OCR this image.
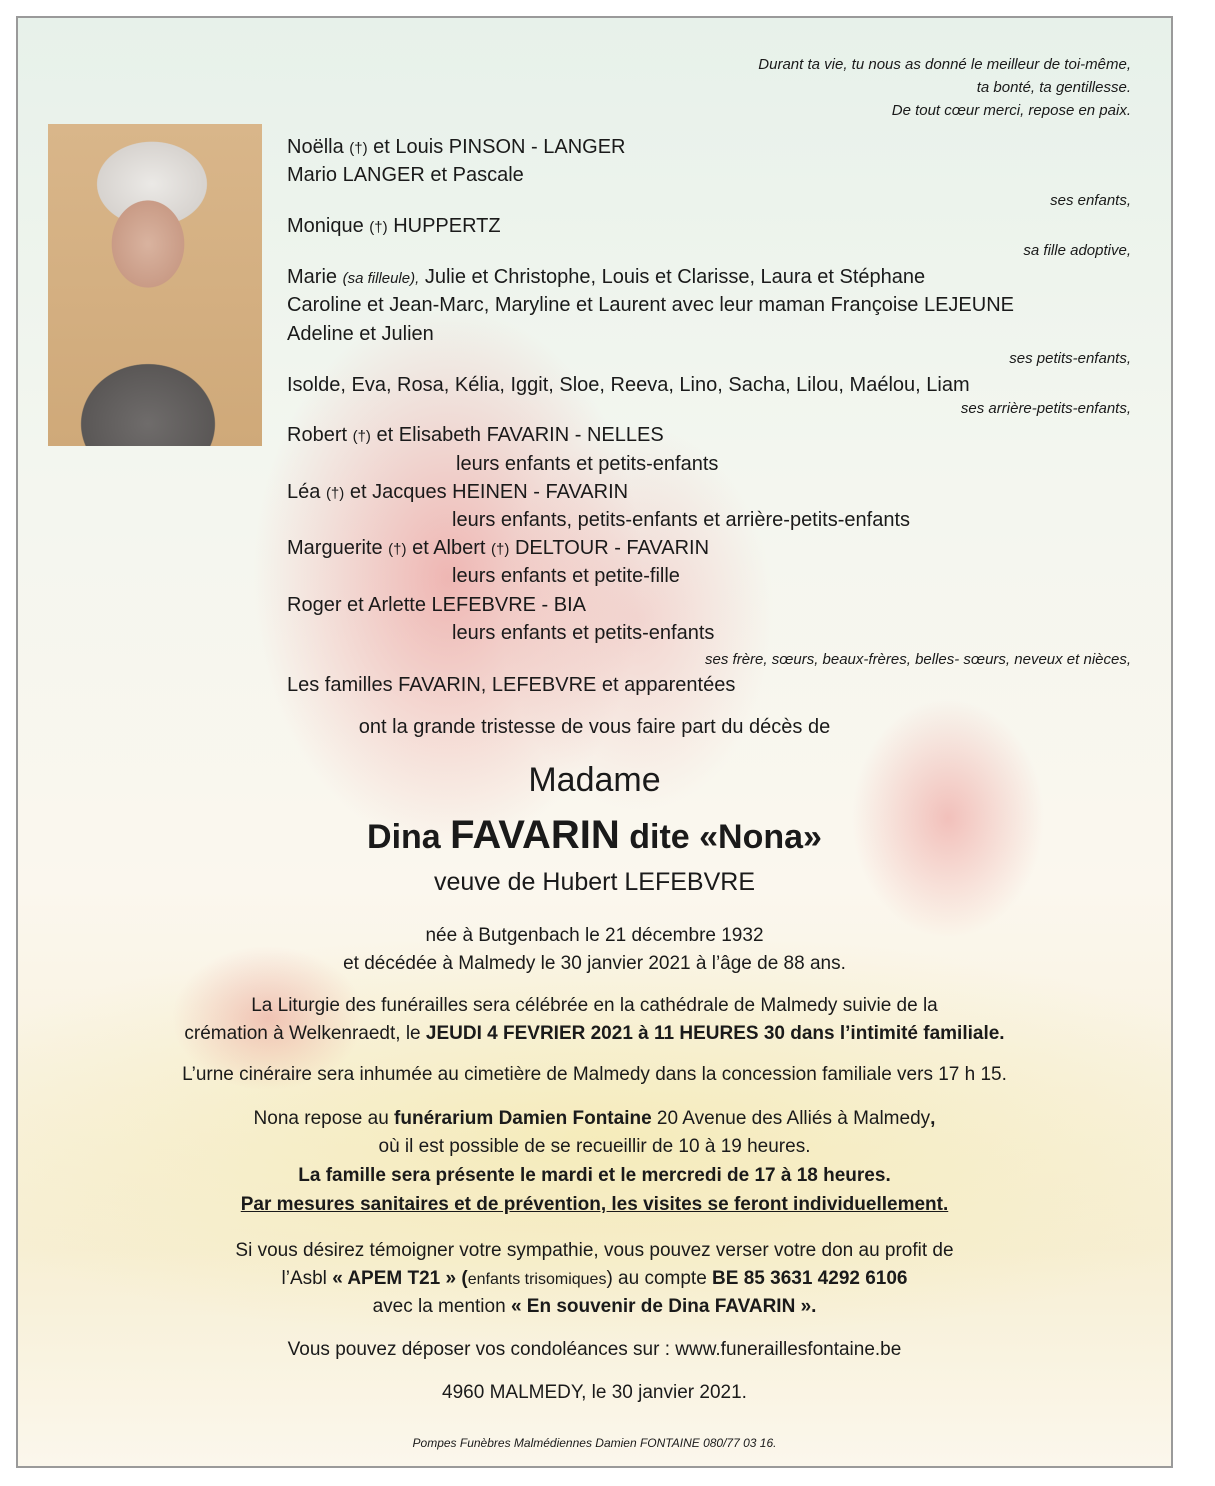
Durant ta vie, tu nous as donné le meilleur de toi-même,
ta bonté, ta gentillesse.
De tout cœur merci, repose en paix.
Noëlla (†) et Louis PINSON - LANGER
Mario LANGER et Pascale
ses enfants,
Monique (†) HUPPERTZ
sa fille adoptive,
Marie (sa filleule), Julie et Christophe, Louis et Clarisse, Laura et Stéphane
Caroline et Jean-Marc, Maryline et Laurent avec leur maman Françoise LEJEUNE
Adeline et Julien
ses petits-enfants,
Isolde, Eva, Rosa, Kélia, Iggit, Sloe, Reeva, Lino, Sacha, Lilou, Maélou, Liam
ses arrière-petits-enfants,
Robert (†) et Elisabeth FAVARIN - NELLES
leurs enfants et petits-enfants
Léa (†) et Jacques HEINEN - FAVARIN
leurs enfants, petits-enfants et arrière-petits-enfants
Marguerite (†) et Albert (†) DELTOUR - FAVARIN
leurs enfants et petite-fille
Roger et Arlette LEFEBVRE - BIA
leurs enfants et petits-enfants
ses frère, sœurs, beaux-frères, belles- sœurs, neveux et nièces,
Les familles FAVARIN, LEFEBVRE et apparentées
ont la grande tristesse de vous faire part du décès de
Madame
Dina FAVARIN dite «Nona»
veuve de Hubert LEFEBVRE
née à Butgenbach le 21 décembre 1932
et décédée à Malmedy le 30 janvier 2021 à l’âge de 88 ans.
La Liturgie des funérailles sera célébrée en la cathédrale de Malmedy suivie de la
crémation à Welkenraedt, le JEUDI 4 FEVRIER 2021 à 11 HEURES 30 dans l’intimité familiale.
L’urne cinéraire sera inhumée au cimetière de Malmedy dans la concession familiale vers 17 h 15.
Nona repose au funérarium Damien Fontaine 20 Avenue des Alliés à Malmedy,
où il est possible de se recueillir de 10 à 19 heures.
La famille sera présente le mardi et le mercredi de 17 à 18 heures.
Par mesures sanitaires et de prévention, les visites se feront individuellement.
Si vous désirez témoigner votre sympathie, vous pouvez verser votre don au profit de
l’Asbl « APEM T21 » (enfants trisomiques) au compte BE 85 3631 4292 6106
avec la mention « En souvenir de Dina FAVARIN ».
Vous pouvez déposer vos condoléances sur : www.funeraillesfontaine.be
4960 MALMEDY, le 30 janvier 2021.
Pompes Funèbres Malmédiennes Damien FONTAINE 080/77 03 16.
